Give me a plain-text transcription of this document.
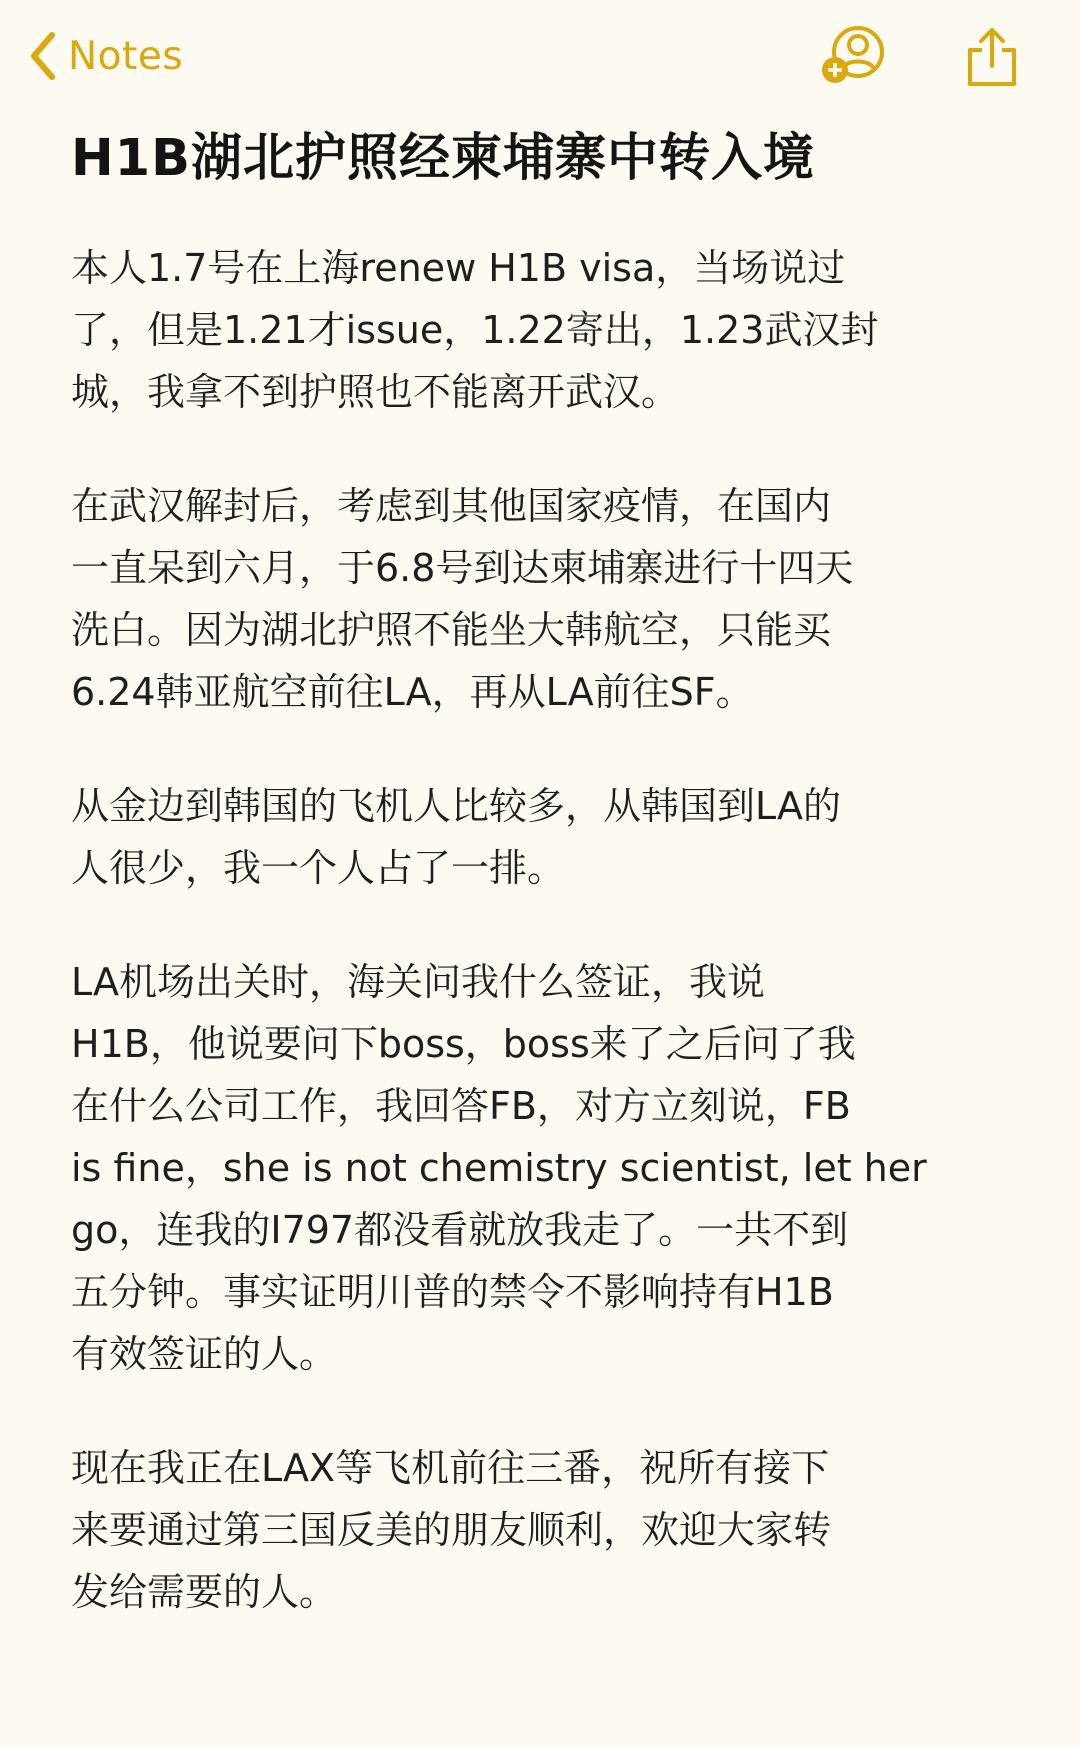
Notes
H1B湖北护照经柬埔寨中转入境
本人1.7号在上海renew H1B visa，当场说过
了，但是1.21才issue，1.22寄出，1.23武汉封
城，我拿不到护照也不能离开武汉。
在武汉解封后，考虑到其他国家疫情，在国内
一直呆到六月，于6.8号到达柬埔寨进行十四天
洗白。因为湖北护照不能坐大韩航空，只能买
6.24韩亚航空前往LA，再从LA前往SF。
从金边到韩国的飞机人比较多，从韩国到LA的
人很少，我一个人占了一排。
LA机场出关时，海关问我什么签证，我说
H1B，他说要问下boss，boss来了之后问了我
在什么公司工作，我回答FB，对方立刻说，FB
is fine，she is not chemistry scientist, let her
go，连我的I797都没看就放我走了。一共不到
五分钟。事实证明川普的禁令不影响持有H1B
有效签证的人。
现在我正在LAX等飞机前往三番，祝所有接下
来要通过第三国反美的朋友顺利，欢迎大家转
发给需要的人。
